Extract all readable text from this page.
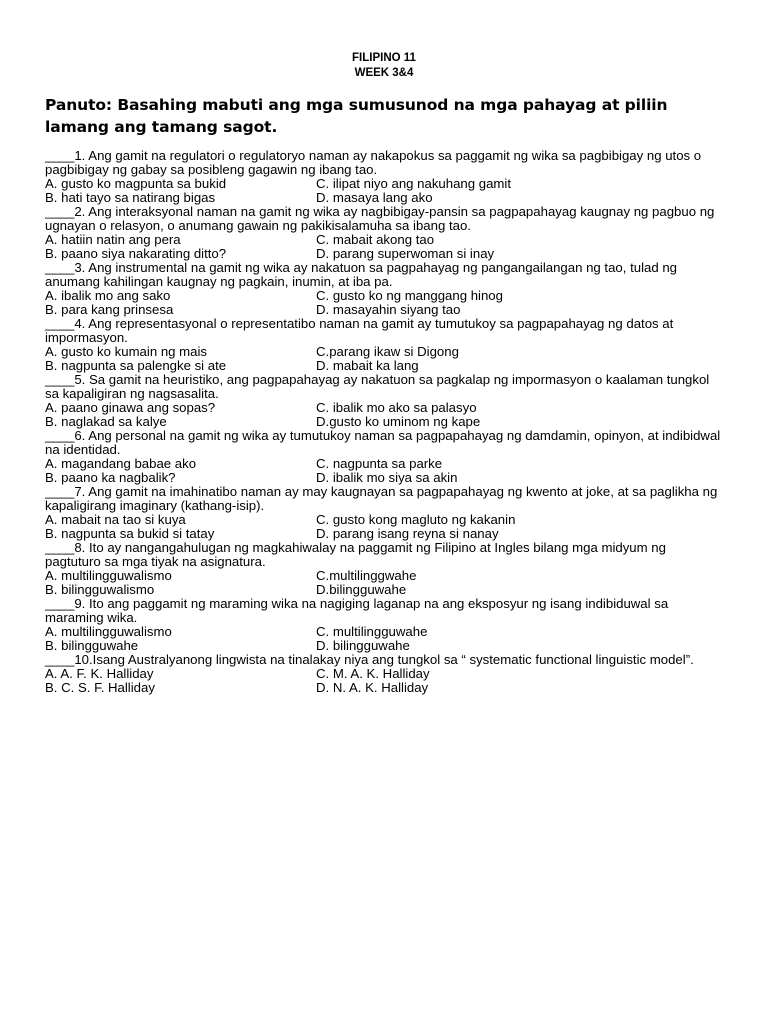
FILIPINO 11
WEEK 3&4
Panuto: Basahing mabuti ang mga sumusunod na mga pahayag at piliin lamang ang tamang sagot.
____1. Ang gamit na regulatori o regulatoryo naman ay nakapokus sa paggamit ng wika sa pagbibigay ng utos o pagbibigay ng gabay sa posibleng gagawin ng ibang tao.
A. gusto ko magpunta sa bukid	C. ilipat niyo ang nakuhang gamit
B. hati tayo sa natirang bigas	D. masaya lang ako
____2. Ang interaksyonal naman na gamit ng wika ay nagbibigay-pansin sa pagpapahayag kaugnay ng pagbuo ng ugnayan o relasyon, o anumang gawain ng pakikisalamuha sa ibang tao.
A. hatiin natin ang pera	C. mabait akong tao
B. paano siya nakarating ditto?	D. parang superwoman si inay
____3. Ang instrumental na gamit ng wika ay nakatuon sa pagpahayag ng pangangailangan ng tao, tulad ng anumang kahilingan kaugnay ng pagkain, inumin, at iba pa.
A. ibalik mo ang sako	C. gusto ko ng manggang hinog
B. para kang prinsesa	D. masayahin siyang tao
____4. Ang representasyonal o representatibo naman na gamit ay tumutukoy sa pagpapahayag ng datos at impormasyon.
A. gusto ko kumain ng mais	C.parang ikaw si Digong
B. nagpunta sa palengke si ate	D. mabait ka lang
____5. Sa gamit na heuristiko, ang pagpapahayag ay nakatuon sa pagkalap ng impormasyon o kaalaman tungkol sa kapaligiran ng nagsasalita.
A. paano ginawa ang sopas?	C. ibalik mo ako sa palasyo
B. naglakad sa kalye	D.gusto ko uminom ng kape
____6. Ang personal na gamit ng wika ay tumutukoy naman sa pagpapahayag ng damdamin, opinyon, at indibidwal na identidad.
A. magandang babae ako	C. nagpunta sa parke
B. paano ka nagbalik?	D. ibalik mo siya sa akin
____7. Ang gamit na imahinatibo naman ay may kaugnayan sa pagpapahayag ng kwento at joke, at sa paglikha ng kapaligirang imaginary (kathang-isip).
A. mabait na tao si kuya	C. gusto kong magluto ng kakanin
B. nagpunta sa bukid si tatay	D. parang isang reyna si nanay
____8. Ito ay nangangahulugan ng magkahiwalay na paggamit ng Filipino at Ingles bilang mga midyum ng pagtuturo sa mga tiyak na asignatura.
A. multilingguwalismo	C.multilinggwahe
B. bilingguwalismo	D.bilingguwahe
____9. Ito ang paggamit ng maraming wika na nagiging laganap na ang eksposyur ng isang indibiduwal sa maraming wika.
A. multilingguwalismo	C. multilingguwahe
B. bilingguwahe	D. bilingguwahe
____10.Isang Australyanong lingwista na tinalakay niya ang tungkol sa “ systematic functional linguistic model”.
A. A. F. K. Halliday	C. M. A. K. Halliday
B. C. S. F. Halliday	D. N. A. K. Halliday
